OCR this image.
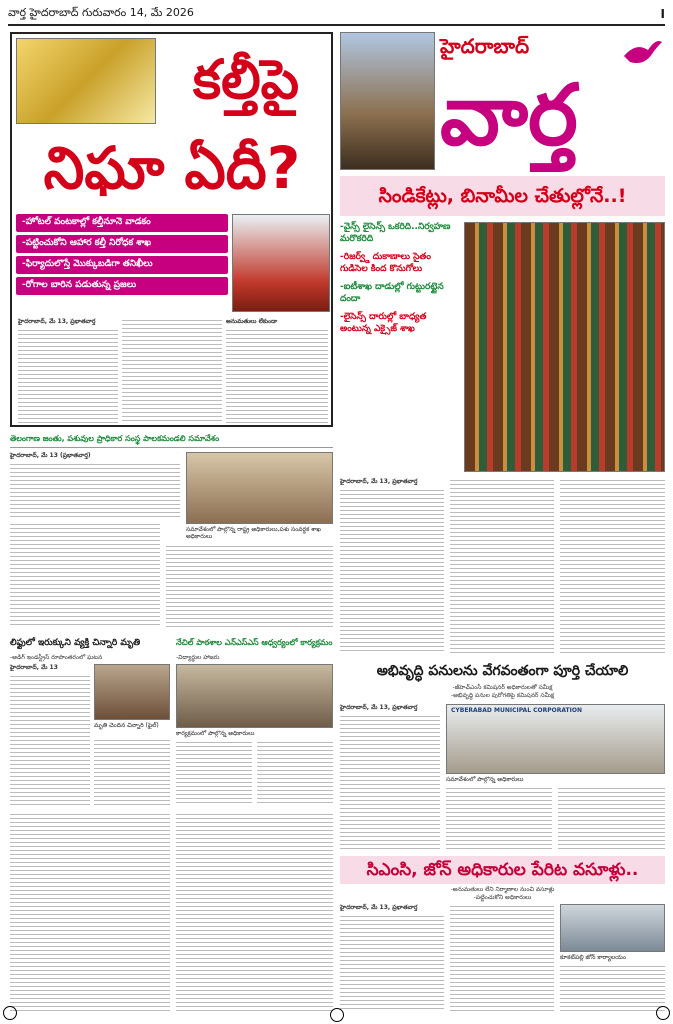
వార్త హైదరాబాద్ గురువారం 14, మే 2026	I
కల్తీపై
నిఘా ఏదీ?
-హోటల్ వంటకాల్లో కల్తీనూనె వాడకం
-పట్టించుకోని ఆహార కల్తీ నిరోధక శాఖ
-ఫిర్యాదులొస్తే మొక్కుబడిగా తనిఖీలు
-రోగాల బారిన పడుతున్న ప్రజలు
హైదరాబాద్, మే 13, ప్రభాతవార్త	అనుమతులు లేకుండా
హైదరాబాద్
వార్త
సిండికేట్లు, బినామీల చేతుల్లోనే..!
-వైన్స్ లైసెన్స్ ఒకరిది..నిర్వహణ మరొకరిది
-రిజర్వ్డ్ దుకాణాలు సైతం గుడిసెల కింద కొనుగోలు
-ఐటీశాఖ దాడుల్లో గుట్టురట్టైన దందా
-లైసెన్స్ దారుల్లో బాధ్యత అంటున్న ఎక్సైజ్ శాఖ
హైదరాబాద్, మే 13, ప్రభాతవార్త
తెలంగాణ జంతు, పశువుల ప్రాధికార సంస్థ పాలకమండలి సమావేశం
హైదరాబాద్, మే 13 (ప్రభాతవార్త)
సమావేశంలో పాల్గొన్న రాష్ట్ర అధికారులు,పశు సంవర్ధక శాఖ అధికారులు
లిఫ్టులో ఇరుక్కుని వ్యక్తి చిన్నారి మృతి
-అడిగ్ ఇండస్ట్రీస్ రూపాంతరంలో ఘటన
హైదరాబాద్, మే 13
మృతి చెందిన చిన్నారి (ఫైల్)
నేచిల్ పాఠశాల ఎన్ఎస్ఎస్‌ ఆధ్వర్యంలో కార్యక్రమం
-విద్యార్థుల హాజరు
కార్యక్రమంలో పాల్గొన్న అధికారులు
అభివృద్ధి పనులను వేగవంతంగా పూర్తి చేయాలి
-జీహెచ్ఎంసీ కమిషనర్ అధికారులతో సమీక్ష
-అభివృద్ధి పనుల పురోగతిపై కమిషనర్ సమీక్ష
హైదరాబాద్, మే 13, ప్రభాతవార్త	CYBERABAD MUNICIPAL CORPORATION
సమావేశంలో పాల్గొన్న అధికారులు
సిఎంసి, జోన్ అధికారుల పేరిట వసూళ్లు..
-అనుమతులు లేని నిర్మాణాల నుంచి వసూళ్లు
-పట్టించుకోని అధికారులు
హైదరాబాద్, మే 13, ప్రభాతవార్త
కూకట్‌పల్లి జోన్ కార్యాలయం
